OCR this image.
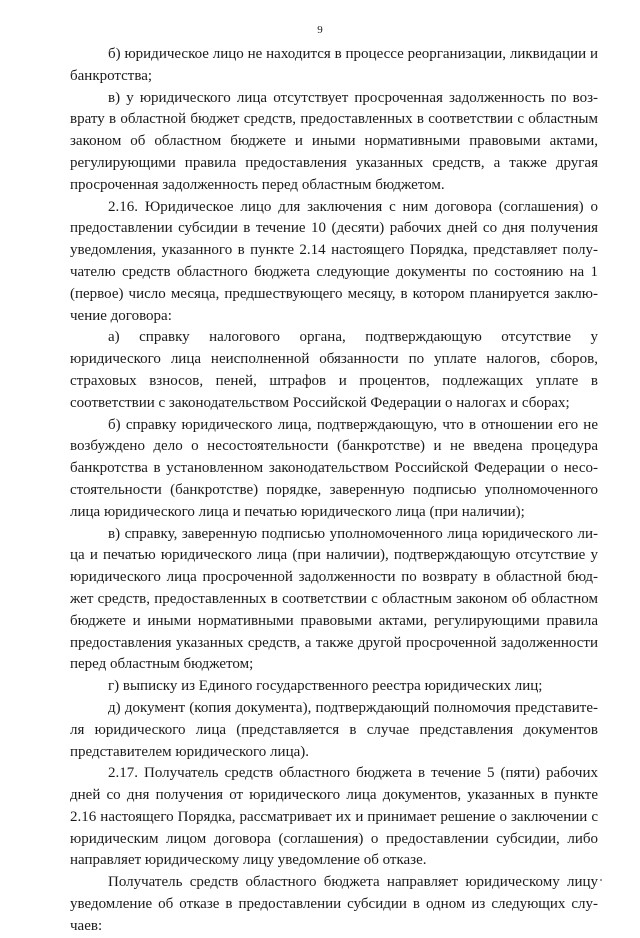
9

б) юридическое лицо не находится в процессе реорганизации, ликвидации и банкротства;

в) у юридического лица отсутствует просроченная задолженность по возврату в областной бюджет средств, предоставленных в соответствии с областным законом об областном бюджете и иными нормативными правовыми актами, регулирующими правила предоставления указанных средств, а также другая просроченная задолженность перед областным бюджетом.

2.16. Юридическое лицо для заключения с ним договора (соглашения) о предоставлении субсидии в течение 10 (десяти) рабочих дней со дня получения уведомления, указанного в пункте 2.14 настоящего Порядка, представляет получателю средств областного бюджета следующие документы по состоянию на 1 (первое) число месяца, предшествующего месяцу, в котором планируется заключение договора:

а) справку налогового органа, подтверждающую отсутствие у юридического лица неисполненной обязанности по уплате налогов, сборов, страховых взносов, пеней, штрафов и процентов, подлежащих уплате в соответствии с законодательством Российской Федерации о налогах и сборах;

б) справку юридического лица, подтверждающую, что в отношении его не возбуждено дело о несостоятельности (банкротстве) и не введена процедура банкротства в установленном законодательством Российской Федерации о несостоятельности (банкротстве) порядке, заверенную подписью уполномоченного лица юридического лица и печатью юридического лица (при наличии);

в) справку, заверенную подписью уполномоченного лица юридического лица и печатью юридического лица (при наличии), подтверждающую отсутствие у юридического лица просроченной задолженности по возврату в областной бюджет средств, предоставленных в соответствии с областным законом об областном бюджете и иными нормативными правовыми актами, регулирующими правила предоставления указанных средств, а также другой просроченной задолженности перед областным бюджетом;

г) выписку из Единого государственного реестра юридических лиц;

д) документ (копия документа), подтверждающий полномочия представителя юридического лица (представляется в случае представления документов представителем юридического лица).

2.17. Получатель средств областного бюджета в течение 5 (пяти) рабочих дней со дня получения от юридического лица документов, указанных в пункте 2.16 настоящего Порядка, рассматривает их и принимает решение о заключении с юридическим лицом договора (соглашения) о предоставлении субсидии, либо направляет юридическому лицу уведомление об отказе.

Получатель средств областного бюджета направляет юридическому лицу уведомление об отказе в предоставлении субсидии в одном из следующих случаев:
